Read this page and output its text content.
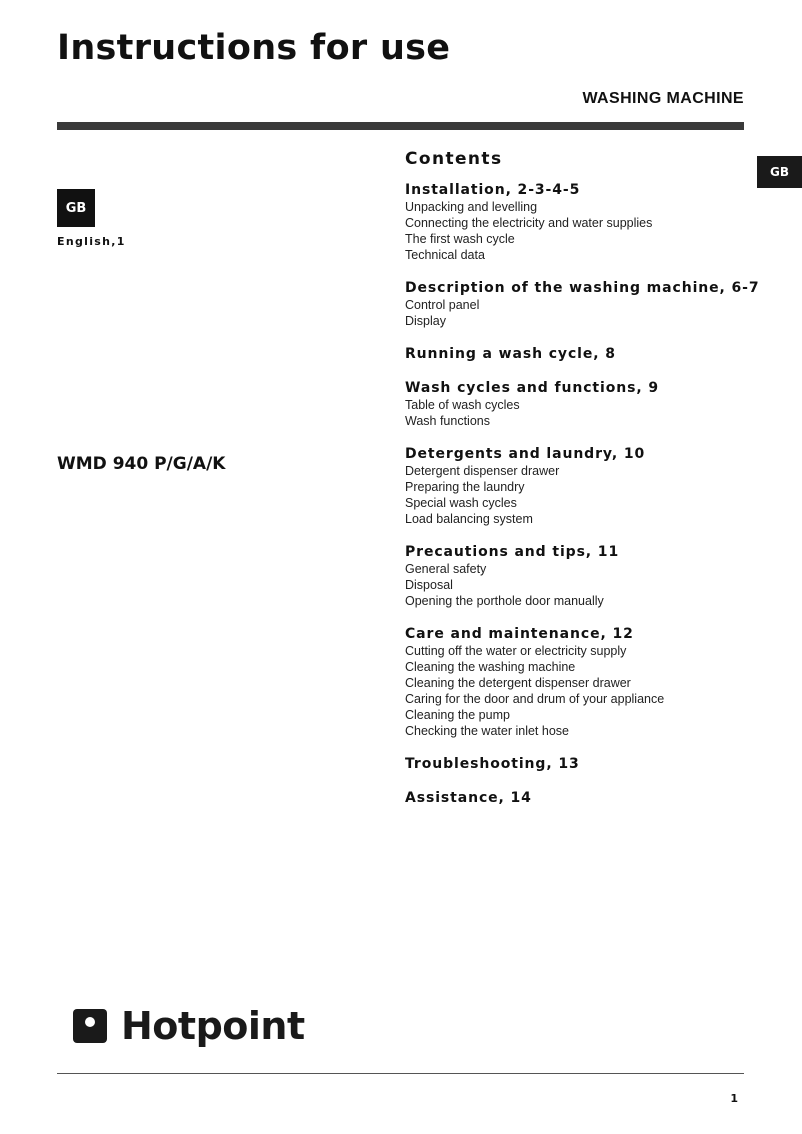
Instructions for use
WASHING MACHINE
GB
GB
English,1
WMD 940 P/G/A/K
Contents
Installation, 2-3-4-5
Unpacking and levelling
Connecting the electricity and water supplies
The first wash cycle
Technical data
Description of the washing machine, 6-7
Control panel
Display
Running a wash cycle, 8
Wash cycles and functions, 9
Table of wash cycles
Wash functions
Detergents and laundry, 10
Detergent dispenser drawer
Preparing the laundry
Special wash cycles
Load balancing system
Precautions and tips, 11
General safety
Disposal
Opening the porthole door manually
Care and maintenance, 12
Cutting off the water or electricity supply
Cleaning the washing machine
Cleaning the detergent dispenser drawer
Caring for the door and drum of your appliance
Cleaning the pump
Checking the water inlet hose
Troubleshooting, 13
Assistance, 14
Hotpoint
1
